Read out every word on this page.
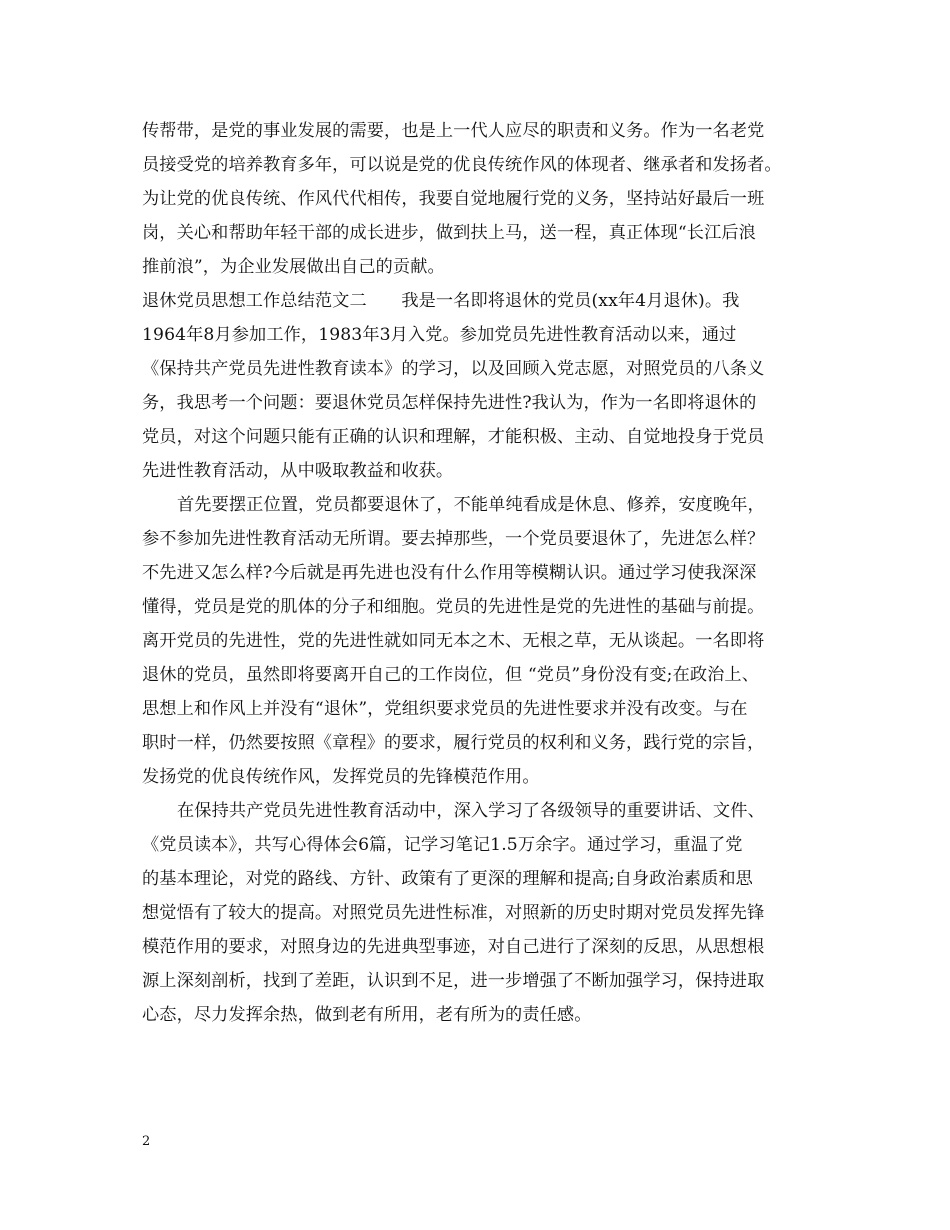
传帮带，是党的事业发展的需要，也是上一代人应尽的职责和义务。作为一名老党
员接受党的培养教育多年，可以说是党的优良传统作风的体现者、继承者和发扬者。
为让党的优良传统、作风代代相传，我要自觉地履行党的义务，坚持站好最后一班
岗，关心和帮助年轻干部的成长进步，做到扶上马，送一程，真正体现“长江后浪
推前浪”，为企业发展做出自己的贡献。
退休党员思想工作总结范文二　　我是一名即将退休的党员(xx年4月退休)。我
1964年8月参加工作，1983年3月入党。参加党员先进性教育活动以来，通过
《保持共产党员先进性教育读本》的学习，以及回顾入党志愿，对照党员的八条义
务，我思考一个问题：要退休党员怎样保持先进性?我认为，作为一名即将退休的
党员，对这个问题只能有正确的认识和理解，才能积极、主动、自觉地投身于党员
先进性教育活动，从中吸取教益和收获。
首先要摆正位置，党员都要退休了，不能单纯看成是休息、修养，安度晚年，
参不参加先进性教育活动无所谓。要去掉那些，一个党员要退休了，先进怎么样？
不先进又怎么样?今后就是再先进也没有什么作用等模糊认识。通过学习使我深深
懂得，党员是党的肌体的分子和细胞。党员的先进性是党的先进性的基础与前提。
离开党员的先进性，党的先进性就如同无本之木、无根之草，无从谈起。一名即将
退休的党员，虽然即将要离开自己的工作岗位，但 “党员”身份没有变;在政治上、
思想上和作风上并没有“退休”，党组织要求党员的先进性要求并没有改变。与在
职时一样，仍然要按照《章程》的要求，履行党员的权利和义务，践行党的宗旨，
发扬党的优良传统作风，发挥党员的先锋模范作用。
在保持共产党员先进性教育活动中，深入学习了各级领导的重要讲话、文件、
《党员读本》，共写心得体会6篇，记学习笔记1.5万余字。通过学习，重温了党
的基本理论，对党的路线、方针、政策有了更深的理解和提高;自身政治素质和思
想觉悟有了较大的提高。对照党员先进性标准，对照新的历史时期对党员发挥先锋
模范作用的要求，对照身边的先进典型事迹，对自己进行了深刻的反思，从思想根
源上深刻剖析，找到了差距，认识到不足，进一步增强了不断加强学习，保持进取
心态，尽力发挥余热，做到老有所用，老有所为的责任感。
2
